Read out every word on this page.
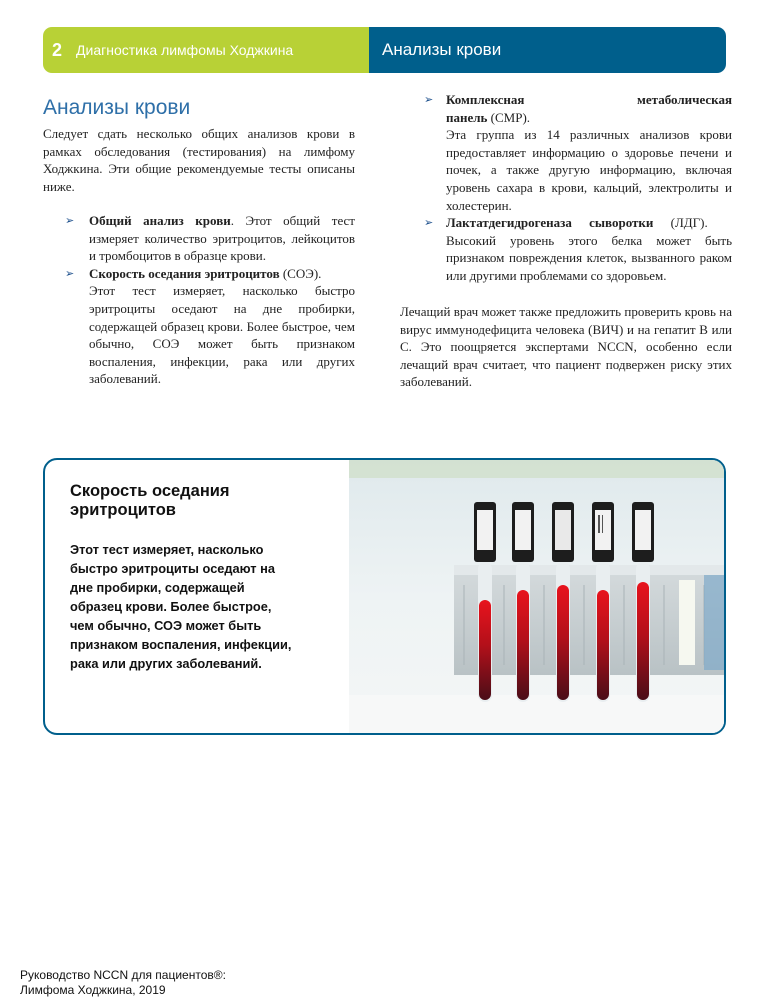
2 Диагностика лимфомы Ходжкина	Анализы крови
Анализы крови

Следует сдать несколько общих анализов крови в рамках обследования (тестирования) на лимфому Ходжкина. Эти общие рекомендуемые тесты описаны ниже.

➢ Общий анализ крови. Этот общий тест измеряет количество эритроцитов, лейкоцитов и тромбоцитов в образце крови.
➢ Скорость оседания эритроцитов (СОЭ).
Этот тест измеряет, насколько быстро эритроциты оседают на дне пробирки, содержащей образец крови. Более быстрое, чем обычно, СОЭ может быть признаком воспаления, инфекции, рака или других заболеваний.
➢ Комплексная метаболическая панель (CMP).
Эта группа из 14 различных анализов крови предоставляет информацию о здоровье печени и почек, а также другую информацию, включая уровень сахара в крови, кальций, электролиты и холестерин.
➢ Лактатдегидрогеназа сыворотки (ЛДГ).
Высокий уровень этого белка может быть признаком повреждения клеток, вызванного раком или другими проблемами со здоровьем.

Лечащий врач может также предложить проверить кровь на вирус иммунодефицита человека (ВИЧ) и на гепатит В или С. Это поощряется экспертами NCCN, особенно если лечащий врач считает, что пациент подвержен риску этих заболеваний.

Скорость оседания эритроцитов

Этот тест измеряет, насколько быстро эритроциты оседают на дне пробирки, содержащей образец крови. Более быстрое, чем обычно, СОЭ может быть признаком воспаления, инфекции, рака или других заболеваний.

Руководство NCCN для пациентов®:
Лимфома Ходжкина, 2019
